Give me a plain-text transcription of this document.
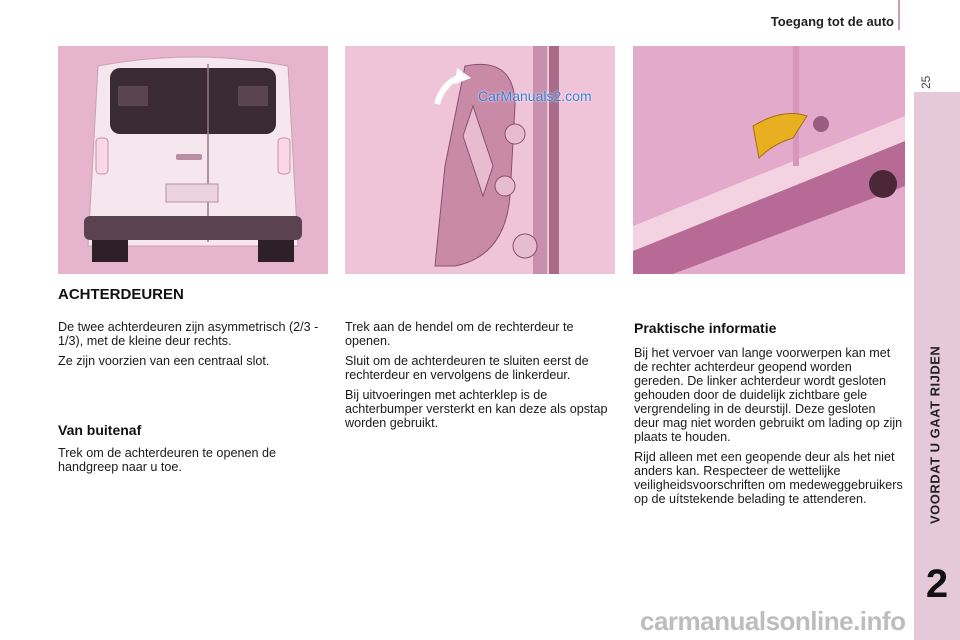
Toegang tot de auto
25
VOORDAT U GAAT RIJDEN
2
CarManuals2.com
ACHTERDEUREN

De twee achterdeuren zijn asymmetrisch (2/3 - 1/3), met de kleine deur rechts.

Ze zijn voorzien van een centraal slot.

Van buitenaf

Trek om de achterdeuren te openen de handgreep naar u toe.

Trek aan de hendel om de rechterdeur te openen.

Sluit om de achterdeuren te sluiten eerst de rechterdeur en vervolgens de linkerdeur.

Bij uitvoeringen met achterklep is de achterbumper versterkt en kan deze als opstap worden gebruikt.

Praktische informatie

Bij het vervoer van lange voorwerpen kan met de rechter achterdeur geopend worden gereden. De linker achterdeur wordt gesloten gehouden door de duidelijk zichtbare gele vergrendeling in de deurstijl. Deze gesloten deur mag niet worden gebruikt om lading op zijn plaats te houden.

Rijd alleen met een geopende deur als het niet anders kan. Respecteer de wettelijke veiligheidsvoorschriften om medeweggebruikers op de uítstekende belading te attenderen.

carmanualsonline.info
